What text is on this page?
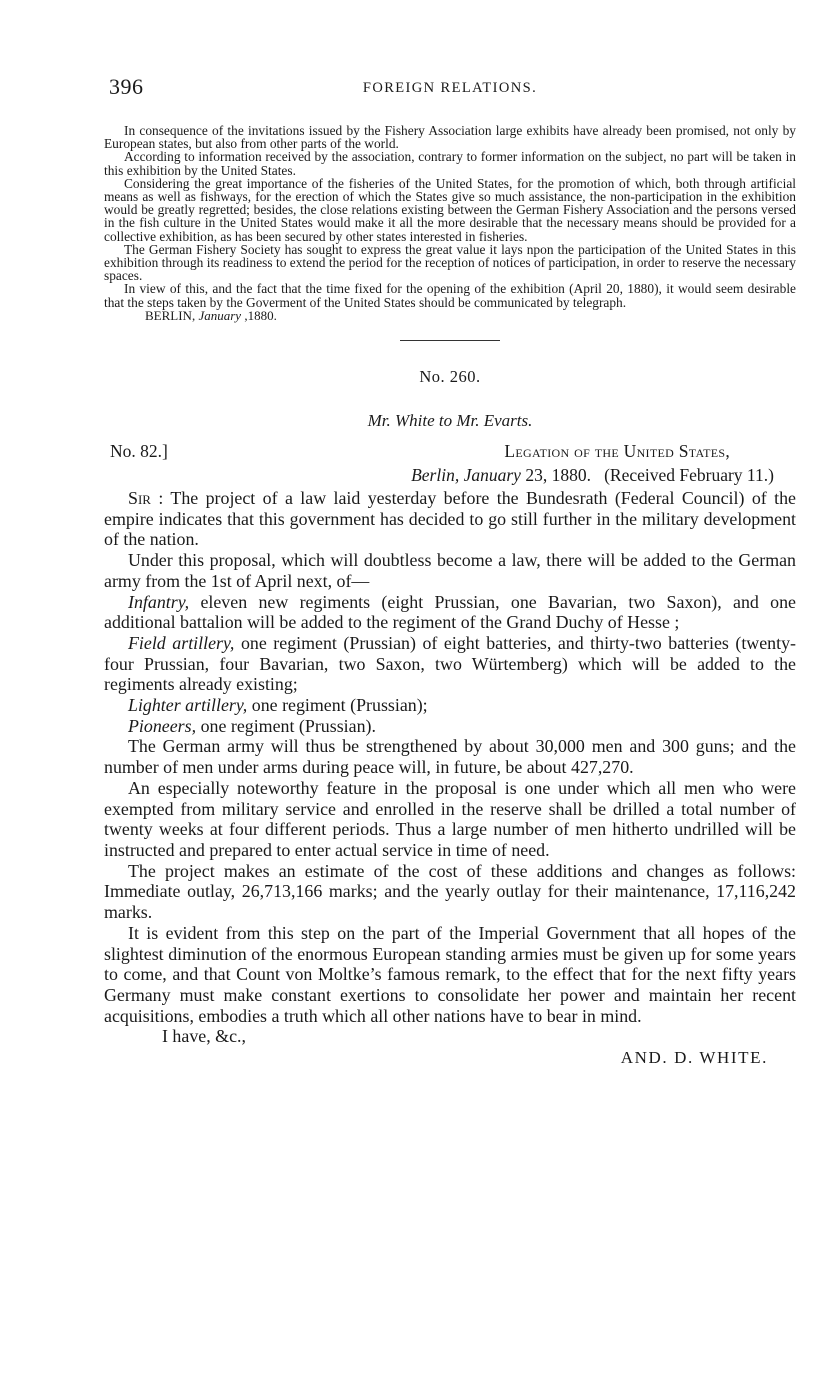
396	FOREIGN RELATIONS.

In consequence of the invitations issued by the Fishery Association large exhibits have already been promised, not only by European states, but also from other parts of the world.

According to information received by the association, contrary to former information on the subject, no part will be taken in this exhibition by the United States.

Considering the great importance of the fisheries of the United States, for the promotion of which, both through artificial means as well as fishways, for the erection of which the States give so much assistance, the non-participation in the exhibition would be greatly regretted; besides, the close relations existing between the German Fishery Association and the persons versed in the fish culture in the United States would make it all the more desirable that the necessary means should be provided for a collective exhibition, as has been secured by other states interested in fisheries.

The German Fishery Society has sought to express the great value it lays npon the participation of the United States in this exhibition through its readiness to extend the period for the reception of notices of participation, in order to reserve the necessary spaces.

In view of this, and the fact that the time fixed for the opening of the exhibition (April 20, 1880), it would seem desirable that the steps taken by the Goverment of the United States should be communicated by telegraph.

BERLIN, January ,1880.

No. 260.
Mr. White to Mr. Evarts.
No. 82.]	Legation of the United States,
Berlin, January 23, 1880. (Received February 11.)

Sir : The project of a law laid yesterday before the Bundesrath (Federal Council) of the empire indicates that this government has decided to go still further in the military development of the nation.

Under this proposal, which will doubtless become a law, there will be added to the German army from the 1st of April next, of—

Infantry, eleven new regiments (eight Prussian, one Bavarian, two Saxon), and one additional battalion will be added to the regiment of the Grand Duchy of Hesse ;

Field artillery, one regiment (Prussian) of eight batteries, and thirty-two batteries (twenty-four Prussian, four Bavarian, two Saxon, two Würtemberg) which will be added to the regiments already existing;

Lighter artillery, one regiment (Prussian);

Pioneers, one regiment (Prussian).

The German army will thus be strengthened by about 30,000 men and 300 guns; and the number of men under arms during peace will, in future, be about 427,270.

An especially noteworthy feature in the proposal is one under which all men who were exempted from military service and enrolled in the reserve shall be drilled a total number of twenty weeks at four different periods. Thus a large number of men hitherto undrilled will be instructed and prepared to enter actual service in time of need.

The project makes an estimate of the cost of these additions and changes as follows: Immediate outlay, 26,713,166 marks; and the yearly outlay for their maintenance, 17,116,242 marks.

It is evident from this step on the part of the Imperial Government that all hopes of the slightest diminution of the enormous European standing armies must be given up for some years to come, and that Count von Moltke’s famous remark, to the effect that for the next fifty years Germany must make constant exertions to consolidate her power and maintain her recent acquisitions, embodies a truth which all other nations have to bear in mind.

I have, &c.,
AND. D. WHITE.
